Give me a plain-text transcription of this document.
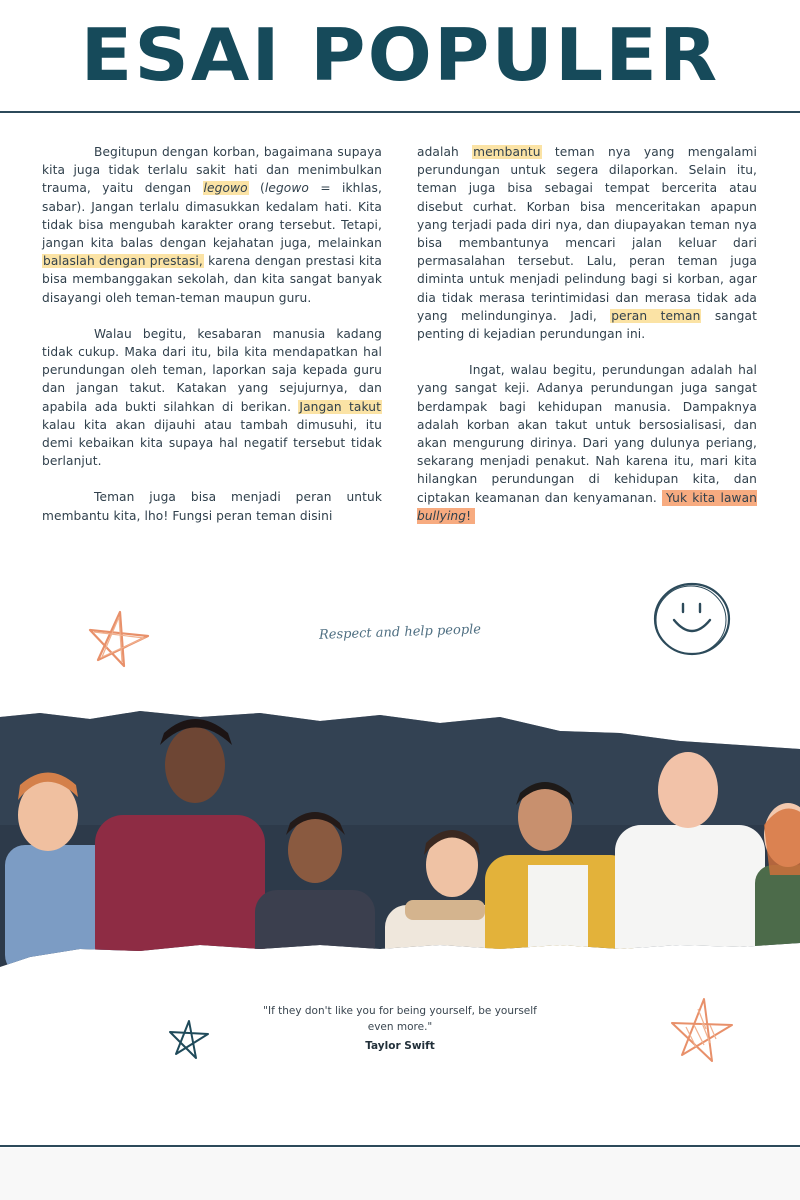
ESAI POPULER

Begitupun dengan korban, bagaimana supaya kita juga tidak terlalu sakit hati dan menimbulkan trauma, yaitu dengan legowo (legowo = ikhlas, sabar). Jangan terlalu dimasukkan kedalam hati. Kita tidak bisa mengubah karakter orang tersebut. Tetapi, jangan kita balas dengan kejahatan juga, melainkan balaslah dengan prestasi, karena dengan prestasi kita bisa membanggakan sekolah, dan kita sangat banyak disayangi oleh teman-teman maupun guru.

Walau begitu, kesabaran manusia kadang tidak cukup. Maka dari itu, bila kita mendapatkan hal perundungan oleh teman, laporkan saja kepada guru dan jangan takut. Katakan yang sejujurnya, dan apabila ada bukti silahkan di berikan. Jangan takut kalau kita akan dijauhi atau tambah dimusuhi, itu demi kebaikan kita supaya hal negatif tersebut tidak berlanjut.

Teman juga bisa menjadi peran untuk membantu kita, lho! Fungsi peran teman disini

adalah membantu teman nya yang mengalami perundungan untuk segera dilaporkan. Selain itu, teman juga bisa sebagai tempat bercerita atau disebut curhat. Korban bisa menceritakan apapun yang terjadi pada diri nya, dan diupayakan teman nya bisa membantunya mencari jalan keluar dari permasalahan tersebut. Lalu, peran teman juga diminta untuk menjadi pelindung bagi si korban, agar dia tidak merasa terintimidasi dan merasa tidak ada yang melindunginya. Jadi, peran teman sangat penting di kejadian perundungan ini.

Ingat, walau begitu, perundungan adalah hal yang sangat keji. Adanya perundungan juga sangat berdampak bagi kehidupan manusia. Dampaknya adalah korban akan takut untuk bersosialisasi, dan akan mengurung dirinya. Dari yang dulunya periang, sekarang menjadi penakut. Nah karena itu, mari kita hilangkan perundungan di kehidupan kita, dan ciptakan keamanan dan kenyamanan. Yuk kita lawan bullying!

Respect and help people
"If they don't like you for being yourself, be yourself even more."
Taylor Swift
